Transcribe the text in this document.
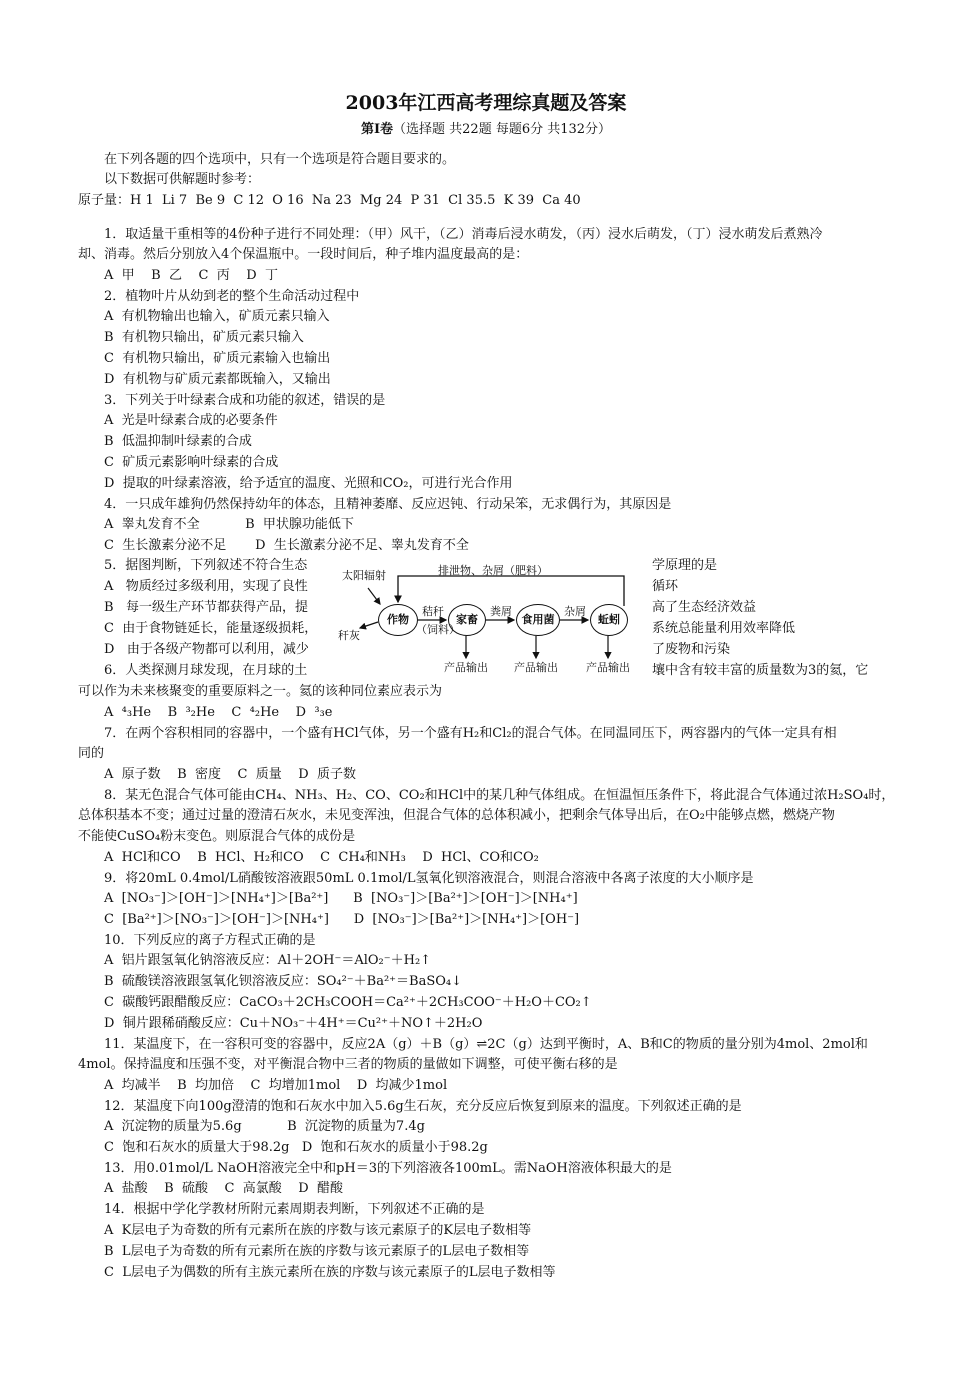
2003年江西高考理综真题及答案
第Ⅰ卷（选择题 共22题 每题6分 共132分）
在下列各题的四个选项中，只有一个选项是符合题目要求的。
以下数据可供解题时参考：
原子量：H 1  Li 7  Be 9  C 12  O 16  Na 23  Mg 24  P 31  Cl 35.5  K 39  Ca 40
1．取适量干重相等的4份种子进行不同处理：（甲）风干，（乙）消毒后浸水萌发，（丙）浸水后萌发，（丁）浸水萌发后煮熟冷
却、消毒。然后分别放入4个保温瓶中。一段时间后，种子堆内温度最高的是：
A  甲    B  乙    C  丙    D  丁
2．植物叶片从幼到老的整个生命活动过程中
A  有机物输出也输入，矿质元素只输入
B  有机物只输出，矿质元素只输入
C  有机物只输出，矿质元素输入也输出
D  有机物与矿质元素都既输入，又输出
3．下列关于叶绿素合成和功能的叙述，错误的是
A  光是叶绿素合成的必要条件
B  低温抑制叶绿素的合成
C  矿质元素影响叶绿素的合成
D  提取的叶绿素溶液，给予适宜的温度、光照和CO₂，可进行光合作用
4．一只成年雄狗仍然保持幼年的体态，且精神萎靡、反应迟钝、行动呆笨，无求偶行为，其原因是
A  睾丸发育不全           B  甲状腺功能低下
C  生长激素分泌不足       D  生长激素分泌不足、睾丸发育不全
5．据图判断，下列叙述不符合生态
A   物质经过多级利用，实现了良性
B   每一级生产环节都获得产品，提
C  由于食物链延长，能量逐级损耗，
D   由于各级产物都可以利用，减少
6．人类探测月球发现，在月球的土
可以作为未来核聚变的重要原料之一。氦的该种同位素应表示为
A  ⁴₃He    B  ³₂He    C  ⁴₂He    D  ³₃e
7．在两个容积相同的容器中，一个盛有HCl气体，另一个盛有H₂和Cl₂的混合气体。在同温同压下，两容器内的气体一定具有相
同的
A  原子数    B  密度    C  质量    D  质子数
8．某无色混合气体可能由CH₄、NH₃、H₂、CO、CO₂和HCl中的某几种气体组成。在恒温恒压条件下，将此混合气体通过浓H₂SO₄时，
总体积基本不变；通过过量的澄清石灰水，未见变浑浊，但混合气体的总体积减小，把剩余气体导出后，在O₂中能够点燃，燃烧产物
不能使CuSO₄粉末变色。则原混合气体的成份是
A  HCl和CO    B  HCl、H₂和CO    C  CH₄和NH₃    D  HCl、CO和CO₂
9．将20mL 0.4mol/L硝酸铵溶液跟50mL 0.1mol/L氢氧化钡溶液混合，则混合溶液中各离子浓度的大小顺序是
A  [NO₃⁻]＞[OH⁻]＞[NH₄⁺]＞[Ba²⁺]      B  [NO₃⁻]＞[Ba²⁺]＞[OH⁻]＞[NH₄⁺]
C  [Ba²⁺]＞[NO₃⁻]＞[OH⁻]＞[NH₄⁺]      D  [NO₃⁻]＞[Ba²⁺]＞[NH₄⁺]＞[OH⁻]
10．下列反应的离子方程式正确的是
A  铝片跟氢氧化钠溶液反应：Al＋2OH⁻＝AlO₂⁻＋H₂↑
B  硫酸镁溶液跟氢氧化钡溶液反应：SO₄²⁻＋Ba²⁺＝BaSO₄↓
C  碳酸钙跟醋酸反应：CaCO₃＋2CH₃COOH＝Ca²⁺＋2CH₃COO⁻＋H₂O＋CO₂↑
D  铜片跟稀硝酸反应：Cu＋NO₃⁻＋4H⁺＝Cu²⁺＋NO↑＋2H₂O
11．某温度下，在一容积可变的容器中，反应2A（g）＋B（g）⇌2C（g）达到平衡时，A、B和C的物质的量分别为4mol、2mol和
4mol。保持温度和压强不变，对平衡混合物中三者的物质的量做如下调整，可使平衡右移的是
A  均减半    B  均加倍    C  均增加1mol    D  均减少1mol
12．某温度下向100g澄清的饱和石灰水中加入5.6g生石灰，充分反应后恢复到原来的温度。下列叙述正确的是
A  沉淀物的质量为5.6g           B  沉淀物的质量为7.4g
C  饱和石灰水的质量大于98.2g   D  饱和石灰水的质量小于98.2g
13．用0.01mol/L NaOH溶液完全中和pH＝3的下列溶液各100mL。需NaOH溶液体积最大的是
A  盐酸    B  硫酸    C  高氯酸    D  醋酸
14．根据中学化学教材所附元素周期表判断，下列叙述不正确的是
A  K层电子为奇数的所有元素所在族的序数与该元素原子的K层电子数相等
B  L层电子为奇数的所有元素所在族的序数与该元素原子的L层电子数相等
C  L层电子为偶数的所有主族元素所在族的序数与该元素原子的L层电子数相等
学原理的是
循环
高了生态经济效益
系统总能量利用效率降低
了废物和污染
壤中含有较丰富的质量数为3的氦，它
太阳辐射	排泄物、杂屑（肥料）
作物	家畜	食用菌	蚯蚓
秸秆
（饲料）
粪屑	杂屑
秆灰
产品输出 产品输出	产品输出
